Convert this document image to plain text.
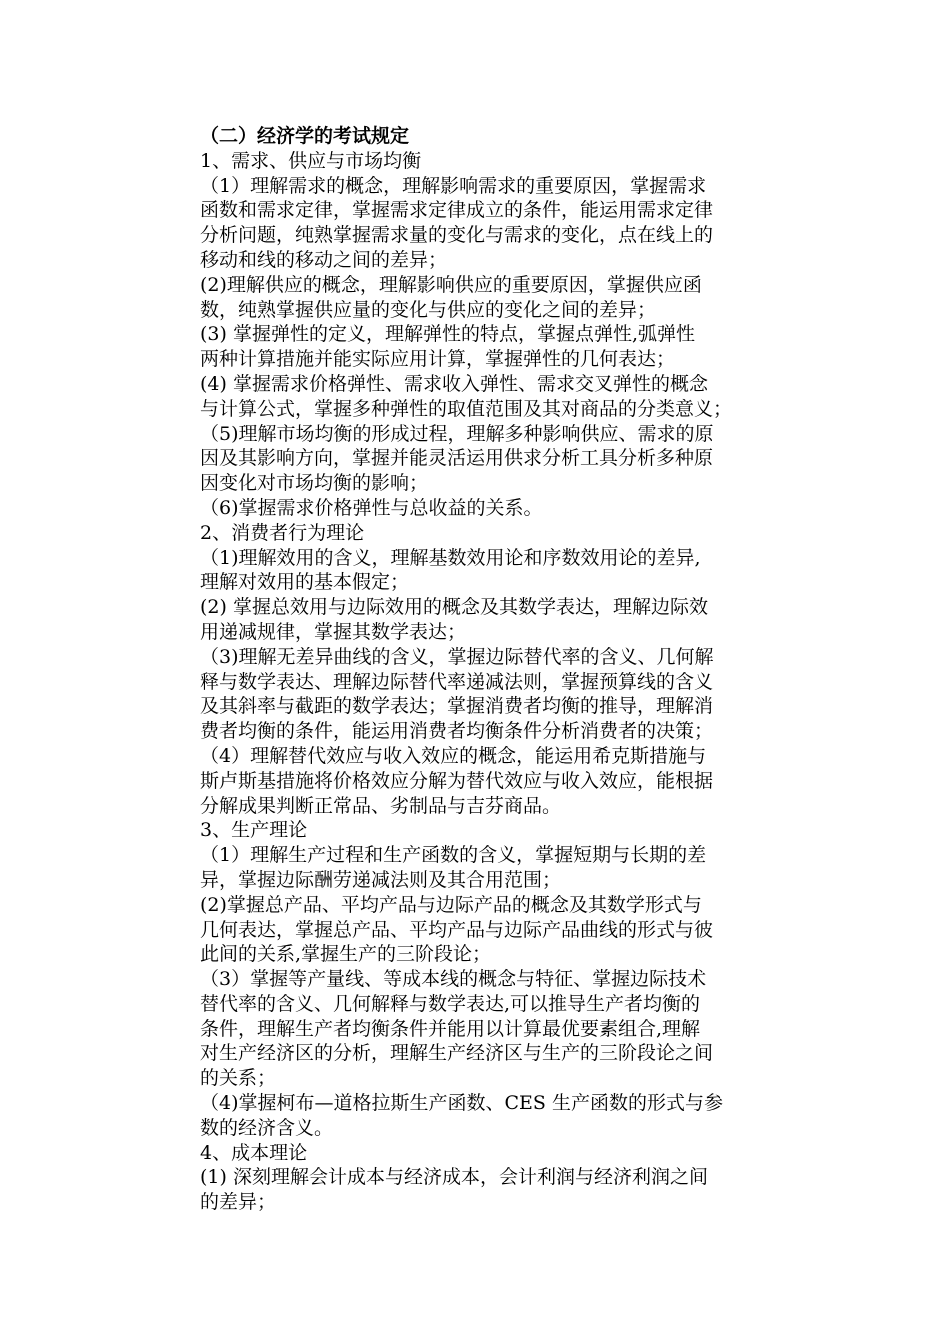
（二）经济学的考试规定

1、需求、供应与市场均衡

（1）理解需求的概念，理解影响需求的重要原因，掌握需求

函数和需求定律，掌握需求定律成立的条件，能运用需求定律

分析问题，纯熟掌握需求量的变化与需求的变化，点在线上的

移动和线的移动之间的差异；

(2)理解供应的概念，理解影响供应的重要原因，掌握供应函

数，纯熟掌握供应量的变化与供应的变化之间的差异；

(3) 掌握弹性的定义，理解弹性的特点，掌握点弹性,弧弹性

两种计算措施并能实际应用计算，掌握弹性的几何表达；

(4) 掌握需求价格弹性、需求收入弹性、需求交叉弹性的概念

与计算公式，掌握多种弹性的取值范围及其对商品的分类意义；

（5)理解市场均衡的形成过程，理解多种影响供应、需求的原

因及其影响方向，掌握并能灵活运用供求分析工具分析多种原

因变化对市场均衡的影响；

（6)掌握需求价格弹性与总收益的关系。

2、消费者行为理论

（1)理解效用的含义，理解基数效用论和序数效用论的差异,

理解对效用的基本假定；

(2) 掌握总效用与边际效用的概念及其数学表达，理解边际效

用递减规律，掌握其数学表达；

（3)理解无差异曲线的含义，掌握边际替代率的含义、几何解

释与数学表达、理解边际替代率递减法则，掌握预算线的含义

及其斜率与截距的数学表达；掌握消费者均衡的推导，理解消

费者均衡的条件，能运用消费者均衡条件分析消费者的决策；

（4）理解替代效应与收入效应的概念，能运用希克斯措施与

斯卢斯基措施将价格效应分解为替代效应与收入效应，能根据

分解成果判断正常品、劣制品与吉芬商品。

3、生产理论

（1）理解生产过程和生产函数的含义，掌握短期与长期的差

异，掌握边际酬劳递减法则及其合用范围；

(2)掌握总产品、平均产品与边际产品的概念及其数学形式与

几何表达，掌握总产品、平均产品与边际产品曲线的形式与彼

此间的关系,掌握生产的三阶段论；

（3）掌握等产量线、等成本线的概念与特征、掌握边际技术

替代率的含义、几何解释与数学表达,可以推导生产者均衡的

条件，理解生产者均衡条件并能用以计算最优要素组合,理解

对生产经济区的分析，理解生产经济区与生产的三阶段论之间

的关系；

（4)掌握柯布—道格拉斯生产函数、CES 生产函数的形式与参

数的经济含义。

4、成本理论

(1) 深刻理解会计成本与经济成本，会计利润与经济利润之间

的差异；
